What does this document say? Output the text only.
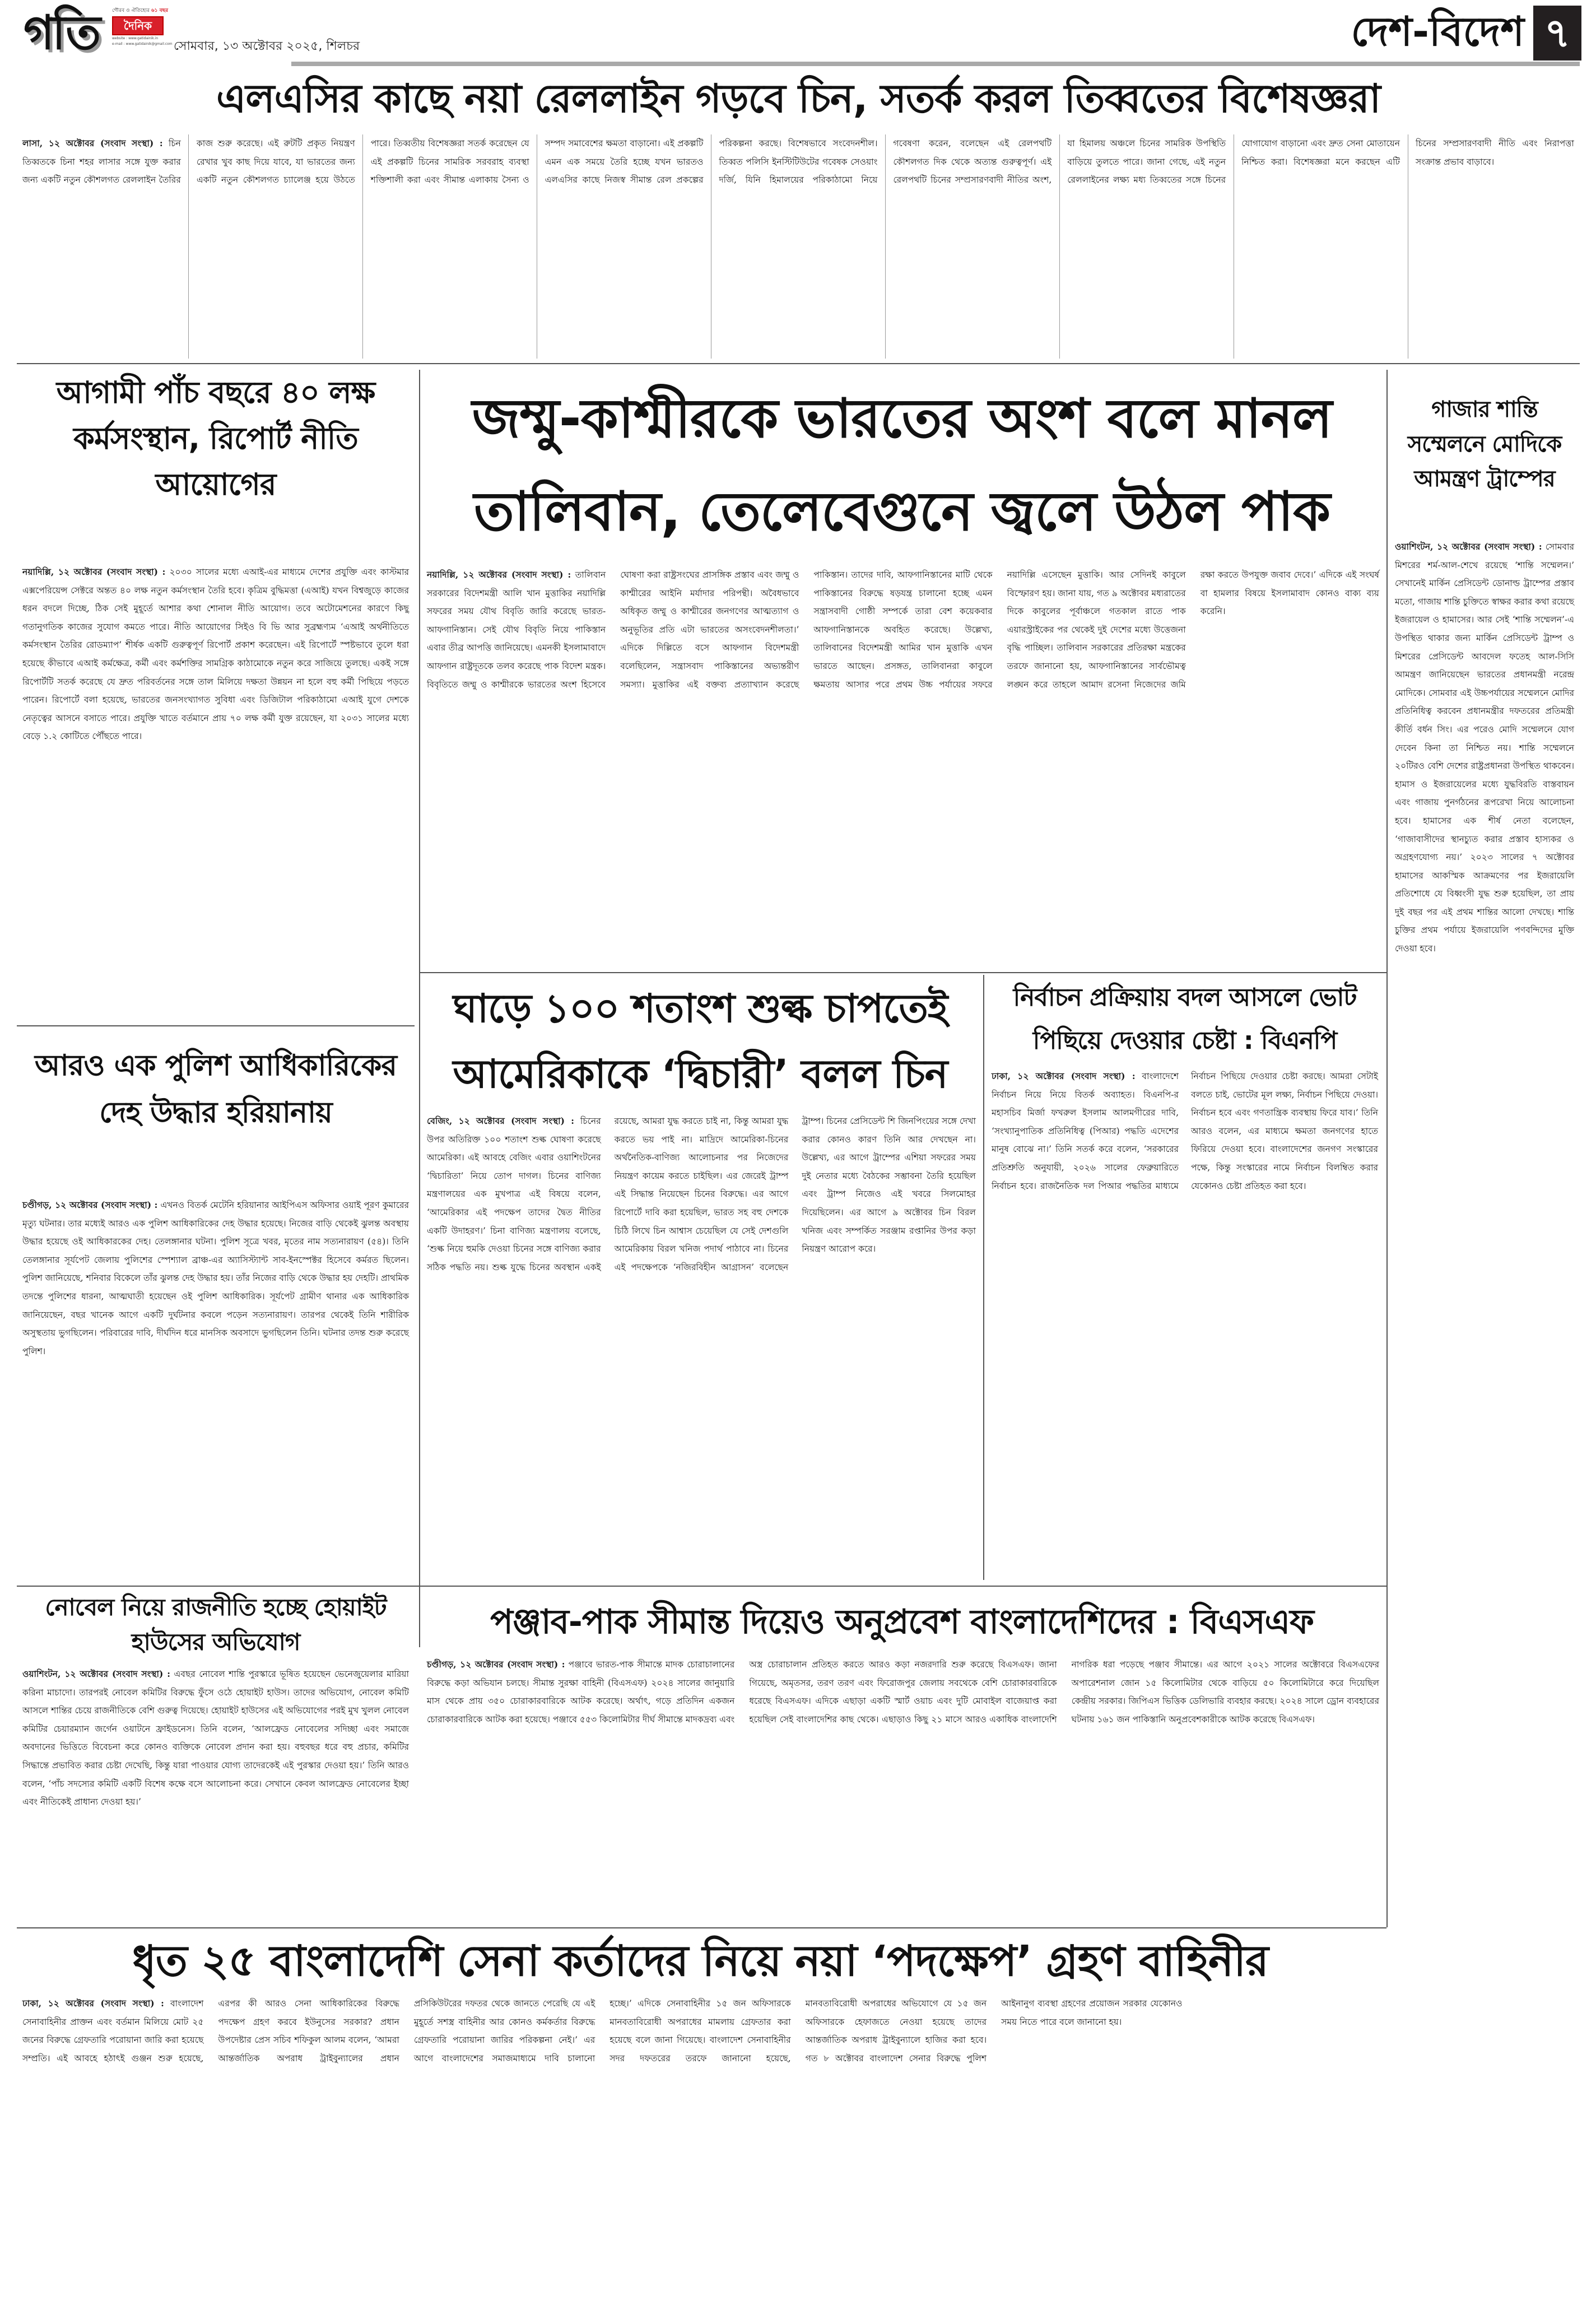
গতি	গৌরব ও ঐতিহ্যের ৬১ বছর
দৈনিক
website : www.gatidainik.in
e-mail : www.gatidainik@gmail.com সোমবার, ১৩ অক্টোবর ২০২৫, শিলচর	দেশ-বিদেশ ৭
এলএসির কাছে নয়া রেললাইন গড়বে চিন, সতর্ক করল তিব্বতের বিশেষজ্ঞরা
লাসা, ১২ অক্টোবর (সংবাদ সংস্থা) : চিন তিব্বতকে চিনা শহর লাসার সঙ্গে যুক্ত করার জন্য একটি নতুন কৌশলগত রেললাইন তৈরির কাজ শুরু করেছে। এই রুটটি প্রকৃত নিয়ন্ত্রণ রেখার খুব কাছ দিয়ে যাবে, যা ভারতের জন্য একটি নতুন কৌশলগত চ্যালেঞ্জ হয়ে উঠতে পারে। তিব্বতীয় বিশেষজ্ঞরা সতর্ক করেছেন যে এই প্রকল্পটি চিনের সামরিক সরবরাহ ব্যবস্থা শক্তিশালী করা এবং সীমান্ত এলাকায় সৈন্য ও সম্পদ সমাবেশের ক্ষমতা বাড়ানো। এই প্রকল্পটি এমন এক সময়ে তৈরি হচ্ছে যখন ভারতও এলএসির কাছে নিজস্ব সীমান্ত রেল প্রকল্পের পরিকল্পনা করছে। বিশেষভাবে সংবেদনশীল। তিব্বত পলিসি ইনস্টিটিউটের গবেষক সেওয়াং দর্জি, যিনি হিমালয়ের পরিকাঠামো নিয়ে গবেষণা করেন, বলেছেন এই রেলপথটি কৌশলগত দিক থেকে অত্যন্ত গুরুত্বপূর্ণ। এই রেলপথটি চিনের সম্প্রসারণবাদী নীতির অংশ, যা হিমালয় অঞ্চলে চিনের সামরিক উপস্থিতি বাড়িয়ে তুলতে পারে। জানা গেছে, এই নতুন রেললাইনের লক্ষ্য মধ্য তিব্বতের সঙ্গে চিনের যোগাযোগ বাড়ানো এবং দ্রুত সেনা মোতায়েন নিশ্চিত করা। বিশেষজ্ঞরা মনে করছেন এটি চিনের সম্প্রসারণবাদী নীতি এবং নিরাপত্তা সংক্রান্ত প্রভাব বাড়াবে।
আগামী পাঁচ বছরে ৪০ লক্ষ কর্মসংস্থান, রিপোর্ট নীতি আয়োগের
নয়াদিল্লি, ১২ অক্টোবর (সংবাদ সংস্থা) : ২০৩০ সালের মধ্যে এআই-এর মাধ্যমে দেশের প্রযুক্তি এবং কাস্টমার এক্সপেরিয়েন্স সেক্টরে অন্তত ৪০ লক্ষ নতুন কর্মসংস্থান তৈরি হবে। কৃত্রিম বুদ্ধিমত্তা (এআই) যখন বিশ্বজুড়ে কাজের ধরন বদলে দিচ্ছে, ঠিক সেই মুহূর্তে আশার কথা শোনাল নীতি আয়োগ। তবে অটোমেশনের কারণে কিছু গতানুগতিক কাজের সুযোগ কমতে পারে। নীতি আয়োগের সিইও বি ভি আর সুব্রহ্মণ্যম ‘এআই অর্থনীতিতে কর্মসংস্থান তৈরির রোডম্যাপ’ শীর্ষক একটি গুরুত্বপূর্ণ রিপোর্ট প্রকাশ করেছেন। এই রিপোর্টে স্পষ্টভাবে তুলে ধরা হয়েছে কীভাবে এআই কর্মক্ষেত্র, কর্মী এবং কর্মশক্তির সামগ্রিক কাঠামোকে নতুন করে সাজিয়ে তুলছে। একই সঙ্গে রিপোর্টটি সতর্ক করেছে যে দ্রুত পরিবর্তনের সঙ্গে তাল মিলিয়ে দক্ষতা উন্নয়ন না হলে বহু কর্মী পিছিয়ে পড়তে পারেন। রিপোর্টে বলা হয়েছে, ভারতের জনসংখ্যাগত সুবিধা এবং ডিজিটাল পরিকাঠামো এআই যুগে দেশকে নেতৃত্বের আসনে বসাতে পারে। প্রযুক্তি খাতে বর্তমানে প্রায় ৭০ লক্ষ কর্মী যুক্ত রয়েছেন, যা ২০৩১ সালের মধ্যে বেড়ে ১.২ কোটিতে পৌঁছতে পারে।
জম্মু-কাশ্মীরকে ভারতের অংশ বলে মানল
তালিবান, তেলেবেগুনে জ্বলে উঠল পাক
নয়াদিল্লি, ১২ অক্টোবর (সংবাদ সংস্থা) : তালিবান সরকারের বিদেশমন্ত্রী আলি খান মুত্তাকির নয়াদিল্লি সফরের সময় যৌথ বিবৃতি জারি করেছে ভারত-আফগানিস্তান। সেই যৌথ বিবৃতি নিয়ে পাকিস্তান এবার তীব্র আপত্তি জানিয়েছে। এমনকী ইসলামাবাদে আফগান রাষ্ট্রদূতকে তলব করেছে পাক বিদেশ মন্ত্রক। বিবৃতিতে জম্মু ও কাশ্মীরকে ভারতের অংশ হিসেবে ঘোষণা করা রাষ্ট্রসংঘের প্রাসঙ্গিক প্রস্তাব এবং জম্মু ও কাশ্মীরের আইনি মর্যাদার পরিপন্থী। অবৈধভাবে অধিকৃত জম্মু ও কাশ্মীরের জনগণের আত্মত্যাগ ও অনুভূতির প্রতি এটা ভারতের অসংবেদনশীলতা।’ এদিকে দিল্লিতে বসে আফগান বিদেশমন্ত্রী বলেছিলেন, সন্ত্রাসবাদ পাকিস্তানের অভ্যন্তরীণ সমস্যা। মুত্তাকির এই বক্তব্য প্রত্যাখ্যান করেছে পাকিস্তান। তাদের দাবি, আফগানিস্তানের মাটি থেকে পাকিস্তানের বিরুদ্ধে ষড়যন্ত্র চালানো হচ্ছে এমন সন্ত্রাসবাদী গোষ্ঠী সম্পর্কে তারা বেশ কয়েকবার আফগানিস্তানকে অবহিত করেছে। উল্লেখ্য, তালিবানের বিদেশমন্ত্রী আমির খান মুত্তাকি এখন ভারতে আছেন। প্রসঙ্গত, তালিবানরা কাবুলে ক্ষমতায় আসার পরে প্রথম উচ্চ পর্যায়ের সফরে নয়াদিল্লি এসেছেন মুত্তাকি। আর সেদিনই কাবুলে বিস্ফোরণ হয়। জানা যায়, গত ৯ অক্টোবর মধ্যরাতের দিকে কাবুলের পূর্বাঞ্চলে গতকাল রাতে পাক এয়ারস্ট্রাইকের পর থেকেই দুই দেশের মধ্যে উত্তেজনা বৃদ্ধি পাচ্ছিল। তালিবান সরকারের প্রতিরক্ষা মন্ত্রকের তরফে জানানো হয়, আফগানিস্তানের সার্বভৌমত্ব লঙ্ঘন করে তাহলে আমাদ রসেনা নিজেদের জমি রক্ষা করতে উপযুক্ত জবাব দেবে।’ এদিকে এই সংঘর্ষ বা হামলার বিষয়ে ইসলামাবাদ কোনও বাক্য ব্যয় করেনি।
গাজার শান্তি সম্মেলনে মোদিকে আমন্ত্রণ ট্রাম্পের
ওয়াশিংটন, ১২ অক্টোবর (সংবাদ সংস্থা) : সোমবার মিশরের শর্ম-আল-শেখে রয়েছে ‘শান্তি সম্মেলন।’ সেখানেই মার্কিন প্রেসিডেন্ট ডোনাল্ড ট্রাম্পের প্রস্তাব মতো, গাজায় শান্তি চুক্তিতে স্বাক্ষর করার কথা রয়েছে ইজরায়েল ও হামাসের। আর সেই ‘শান্তি সম্মেলন’-এ উপস্থিত থাকার জন্য মার্কিন প্রেসিডেন্ট ট্রাম্প ও মিশরের প্রেসিডেন্ট আবদেল ফতেহ আল-সিসি আমন্ত্রণ জানিয়েছেন ভারতের প্রধানমন্ত্রী নরেন্দ্র মোদিকে। সোমবার এই উচ্চপর্যায়ের সম্মেলনে মোদির প্রতিনিধিত্ব করবেন প্রধানমন্ত্রীর দফতরের প্রতিমন্ত্রী কীর্তি বর্ধন সিং। এর পরেও মোদি সম্মেলনে যোগ দেবেন কিনা তা নিশ্চিত নয়। শান্তি সম্মেলনে ২০টিরও বেশি দেশের রাষ্ট্রপ্রধানরা উপস্থিত থাকবেন। হামাস ও ইজরায়েলের মধ্যে যুদ্ধবিরতি বাস্তবায়ন এবং গাজায় পুনর্গঠনের রূপরেখা নিয়ে আলোচনা হবে। হামাসের এক শীর্ষ নেতা বলেছেন, ‘গাজাবাসীদের স্থানচ্যুত করার প্রস্তাব হাস্যকর ও অগ্রহণযোগ্য নয়।’ ২০২৩ সালের ৭ অক্টোবর হামাসের আকস্মিক আক্রমণের পর ইজরায়েলি প্রতিশোধে যে বিধ্বংসী যুদ্ধ শুরু হয়েছিল, তা প্রায় দুই বছর পর এই প্রথম শান্তির আলো দেখছে। শান্তি চুক্তির প্রথম পর্যায়ে ইজরায়েলি পণবন্দিদের মুক্তি দেওয়া হবে।
আরও এক পুলিশ আধিকারিকের দেহ উদ্ধার হরিয়ানায়
চণ্ডীগড়, ১২ অক্টোবর (সংবাদ সংস্থা) : এখনও বিতর্ক মেটেনি হরিয়ানার আইপিএস অফিসার ওয়াই পূরণ কুমারের মৃত্যু ঘটনার। তার মধ্যেই আরও এক পুলিশ আধিকারিকের দেহ উদ্ধার হয়েছে। নিজের বাড়ি থেকেই ঝুলন্ত অবস্থায় উদ্ধার হয়েছে ওই আধিকারকের দেহ। তেলঙ্গানার ঘটনা। পুলিশ সূত্রে খবর, মৃতের নাম সত্যনারায়ণ (৫৪)। তিনি তেলঙ্গানার সূর্যপেট জেলায় পুলিশের স্পেশ্যাল ব্রাঞ্চ-এর অ্যাসিস্ট্যান্ট সাব-ইনস্পেক্টর হিসেবে কর্মরত ছিলেন। পুলিশ জানিয়েছে, শনিবার বিকেলে তাঁর ঝুলন্ত দেহ উদ্ধার হয়। তাঁর নিজের বাড়ি থেকে উদ্ধার হয় দেহটি। প্রাথমিক তদন্তে পুলিশের ধারনা, আত্মঘাতী হয়েছেন ওই পুলিশ আধিকারিক। সূর্যপেট গ্রামীণ থানার এক আধিকারিক জানিয়েছেন, বছর খানেক আগে একটি দুর্ঘটনার কবলে পড়েন সত্যনারায়ণ। তারপর থেকেই তিনি শারীরিক অসুস্থতায় ভুগছিলেন। পরিবারের দাবি, দীর্ঘদিন ধরে মানসিক অবসাদে ভুগছিলেন তিনি। ঘটনার তদন্ত শুরু করেছে পুলিশ।
ঘাড়ে ১০০ শতাংশ শুল্ক চাপতেই
আমেরিকাকে ‘দ্বিচারী’ বলল চিন
বেজিং, ১২ অক্টোবর (সংবাদ সংস্থা) : চিনের উপর অতিরিক্ত ১০০ শতাংশ শুল্ক ঘোষণা করেছে আমেরিকা। এই আবহে বেজিং এবার ওয়াশিংটনের ‘দ্বিচারিতা’ নিয়ে তোপ দাগল। চিনের বাণিজ্য মন্ত্রণালয়ের এক মুখপাত্র এই বিষয়ে বলেন, ‘আমেরিকার এই পদক্ষেপ তাদের দ্বৈত নীতির একটি উদাহরণ।’ চিনা বাণিজ্য মন্ত্রণালয় বলেছে, ‘শুল্ক নিয়ে হুমকি দেওয়া চিনের সঙ্গে বাণিজ্য করার সঠিক পদ্ধতি নয়। শুল্ক যুদ্ধে চিনের অবস্থান একই রয়েছে, আমরা যুদ্ধ করতে চাই না, কিন্তু আমরা যুদ্ধ করতে ভয় পাই না। মাদ্রিদে আমেরিকা-চিনের অর্থনৈতিক-বাণিজ্য আলোচনার পর নিজেদের নিয়ন্ত্রণ কায়েম করতে চাইছিল। এর জেরেই ট্রাম্প এই সিদ্ধান্ত নিয়েছেন চিনের বিরুদ্ধে। এর আগে রিপোর্টে দাবি করা হয়েছিল, ভারত সহ বহু দেশকে চিঠি লিখে চিন আশ্বাস চেয়েছিল যে সেই দেশগুলি আমেরিকায় বিরল খনিজ পদার্থ পাঠাবে না। চিনের এই পদক্ষেপকে ‘নজিরবিহীন আগ্রাসন’ বলেছেন ট্রাম্প। চিনের প্রেসিডেন্ট শি জিনপিংয়ের সঙ্গে দেখা করার কোনও কারণ তিনি আর দেখছেন না। উল্লেখ্য, এর আগে ট্রাম্পের এশিয়া সফরের সময় দুই নেতার মধ্যে বৈঠকের সম্ভাবনা তৈরি হয়েছিল এবং ট্রাম্প নিজেও এই খবরে সিলমোহর দিয়েছিলেন। এর আগে ৯ অক্টোবর চিন বিরল খনিজ এবং সম্পর্কিত সরঞ্জাম রপ্তানির উপর কড়া নিয়ন্ত্রণ আরোপ করে।
নির্বাচন প্রক্রিয়ায় বদল আসলে ভোট
পিছিয়ে দেওয়ার চেষ্টা : বিএনপি
ঢাকা, ১২ অক্টোবর (সংবাদ সংস্থা) : বাংলাদেশে নির্বাচন নিয়ে নিয়ে বিতর্ক অব্যাহত। বিএনপি-র মহাসচিব মির্জা ফখরুল ইসলাম আলমগীরের দাবি, ‘সংখ্যানুপাতিক প্রতিনিধিত্ব (পিআর) পদ্ধতি এদেশের মানুষ বোঝে না।’ তিনি সতর্ক করে বলেন, ‘সরকারের প্রতিশ্রুতি অনুযায়ী, ২০২৬ সালের ফেব্রুয়ারিতে নির্বাচন হবে। রাজনৈতিক দল পিআর পদ্ধতির মাধ্যমে নির্বাচন পিছিয়ে দেওয়ার চেষ্টা করছে। আমরা সেটাই বলতে চাই, ভোটের মূল লক্ষ্য, নির্বাচন পিছিয়ে দেওয়া। নির্বাচন হবে এবং গণতান্ত্রিক ব্যবস্থায় ফিরে যাব।’ তিনি আরও বলেন, এর মাধ্যমে ক্ষমতা জনগণের হাতে ফিরিয়ে দেওয়া হবে। বাংলাদেশের জনগণ সংস্কারের পক্ষে, কিন্তু সংস্কারের নামে নির্বাচন বিলম্বিত করার যেকোনও চেষ্টা প্রতিহত করা হবে।
নোবেল নিয়ে রাজনীতি হচ্ছে হোয়াইট হাউসের অভিযোগ
ওয়াশিংটন, ১২ অক্টোবর (সংবাদ সংস্থা) : এবছর নোবেল শান্তি পুরস্কারে ভূষিত হয়েছেন ভেনেজুয়েলার মারিয়া করিনা মাচাদো। তারপরই নোবেল কমিটির বিরুদ্ধে ফুঁসে ওঠে হোয়াইট হাউস। তাদের অভিযোগ, নোবেল কমিটি আসলে শান্তির চেয়ে রাজনীতিকে বেশি গুরুত্ব দিয়েছে। হোয়াইট হাউসের এই অভিযোগের পরই মুখ খুলল নোবেল কমিটির চেয়ারম্যান জর্গেন ওয়াটনে ফ্রাইডনেস। তিনি বলেন, ‘আলফ্রেড নোবেলের সদিচ্ছা এবং সমাজে অবদানের ভিত্তিতে বিবেচনা করে কোনও ব্যক্তিকে নোবেল প্রদান করা হয়। বহুবছর ধরে বহু প্রচার, কমিটির সিদ্ধান্তে প্রভাবিত করার চেষ্টা দেখেছি, কিন্তু যারা পাওয়ার যোগ্য তাদেরকেই এই পুরস্কার দেওয়া হয়।’ তিনি আরও বলেন, ‘পাঁচ সদস্যের কমিটি একটি বিশেষ কক্ষে বসে আলোচনা করে। সেখানে কেবল আলফ্রেড নোবেলের ইচ্ছা এবং নীতিকেই প্রাধান্য দেওয়া হয়।’
পঞ্জাব-পাক সীমান্ত দিয়েও অনুপ্রবেশ বাংলাদেশিদের : বিএসএফ
চণ্ডীগড়, ১২ অক্টোবর (সংবাদ সংস্থা) : পঞ্জাবে ভারত-পাক সীমান্তে মাদক চোরাচালানের বিরুদ্ধে কড়া অভিযান চলছে। সীমান্ত সুরক্ষা বাহিনী (বিএসএফ) ২০২৪ সালের জানুয়ারি মাস থেকে প্রায় ৩৫০ চোরাকারবারিকে আটক করেছে। অর্থাৎ, গড়ে প্রতিদিন একজন চোরাকারবারিকে আটক করা হয়েছে। পঞ্জাবে ৫৫৩ কিলোমিটার দীর্ঘ সীমান্তে মাদকদ্রব্য এবং অস্ত্র চোরাচালান প্রতিহত করতে আরও কড়া নজরদারি শুরু করেছে বিএসএফ। জানা গিয়েছে, অমৃতসর, তরণ তরণ এবং ফিরোজপুর জেলায় সবথেকে বেশি চোরাকারবারিকে ধরেছে বিএসএফ। এদিকে এছাড়া একটি স্মার্ট ওয়াচ এবং দুটি মোবাইল বাজেয়াপ্ত করা হয়েছিল সেই বাংলাদেশির কাছ থেকে। এছাড়াও কিছু ২১ মাসে আরও একাধিক বাংলাদেশি নাগরিক ধরা পড়েছে পঞ্জাব সীমান্তে। এর আগে ২০২১ সালের অক্টোবরে বিএসএফের অপারেশনাল জোন ১৫ কিলোমিটার থেকে বাড়িয়ে ৫০ কিলোমিটারে করে দিয়েছিল কেন্দ্রীয় সরকার। জিপিএস ভিত্তিক ডেলিভারি ব্যবহার করছে। ২০২৪ সালে ড্রোন ব্যবহারের ঘটনায় ১৬১ জন পাকিস্তানি অনুপ্রবেশকারীকে আটক করেছে বিএসএফ।
ধৃত ২৫ বাংলাদেশি সেনা কর্তাদের নিয়ে নয়া ‘পদক্ষেপ’ গ্রহণ বাহিনীর
ঢাকা, ১২ অক্টোবর (সংবাদ সংস্থা) : বাংলাদেশ সেনাবাহিনীর প্রাক্তন এবং বর্তমান মিলিয়ে মোট ২৫ জনের বিরুদ্ধে গ্রেফতারি পরোয়ানা জারি করা হয়েছে সম্প্রতি। এই আবহে হঠাৎই গুঞ্জন শুরু হয়েছে, এরপর কী আরও সেনা আধিকারিকের বিরুদ্ধে পদক্ষেপ গ্রহণ করবে ইউনুসের সরকার? প্রধান উপদেষ্টার প্রেস সচিব শফিকুল আলম বলেন, ‘আমরা আন্তর্জাতিক অপরাধ ট্রাইবুন্যালের প্রধান প্রসিকিউটরের দফতর থেকে জানতে পেরেছি যে এই মুহূর্তে সশস্ত্র বাহিনীর আর কোনও কর্মকর্তার বিরুদ্ধে গ্রেফতারি পরোয়ানা জারির পরিকল্পনা নেই।’ এর আগে বাংলাদেশের সমাজমাধ্যমে দাবি চালানো হচ্ছে।’ এদিকে সেনাবাহিনীর ১৫ জন অফিসারকে মানবতাবিরোধী অপরাধের মামলায় গ্রেফতার করা হয়েছে বলে জানা গিয়েছে। বাংলাদেশ সেনাবাহিনীর সদর দফতরের তরফে জানানো হয়েছে, মানবতাবিরোধী অপরাধের অভিযোগে যে ১৫ জন অফিসারকে হেফাজতে নেওয়া হয়েছে তাদের আন্তর্জাতিক অপরাধ ট্রাইবুন্যালে হাজির করা হবে। গত ৮ অক্টোবর বাংলাদেশ সেনার বিরুদ্ধে পুলিশ আইনানুগ ব্যবস্থা গ্রহণের প্রয়োজন সরকার যেকোনও সময় নিতে পারে বলে জানানো হয়।
